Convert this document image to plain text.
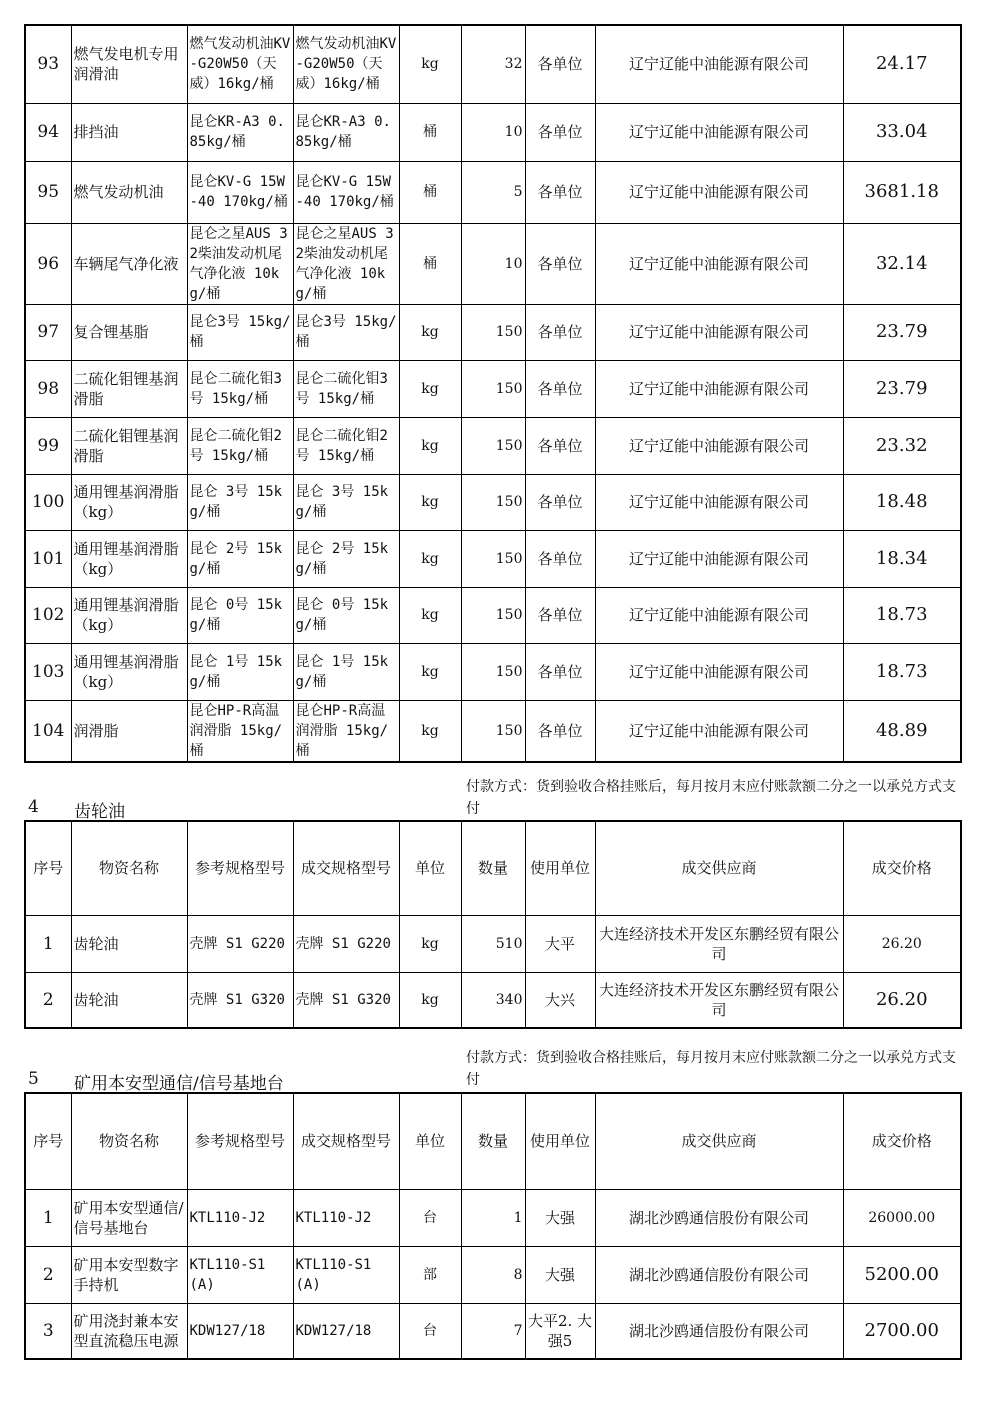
93	燃气发电机专用润滑油	燃气发动机油KV-G20W50（天威）16kg/桶	燃气发动机油KV-G20W50（天威）16kg/桶	kg	32	各单位	辽宁辽能中油能源有限公司	24.17
94	排挡油	昆仑KR-A3 0.85kg/桶	昆仑KR-A3 0.85kg/桶	桶	10	各单位	辽宁辽能中油能源有限公司	33.04
95	燃气发动机油	昆仑KV-G 15W-40 170kg/桶	昆仑KV-G 15W-40 170kg/桶	桶	5	各单位	辽宁辽能中油能源有限公司	3681.18
96	车辆尾气净化液	昆仑之星AUS 32柴油发动机尾气净化液 10kg/桶	昆仑之星AUS 32柴油发动机尾气净化液 10kg/桶	桶	10	各单位	辽宁辽能中油能源有限公司	32.14
97	复合锂基脂	昆仑3号 15kg/桶	昆仑3号 15kg/桶	kg	150	各单位	辽宁辽能中油能源有限公司	23.79
98	二硫化钼锂基润滑脂	昆仑二硫化钼3号 15kg/桶	昆仑二硫化钼3号 15kg/桶	kg	150	各单位	辽宁辽能中油能源有限公司	23.79
99	二硫化钼锂基润滑脂	昆仑二硫化钼2号 15kg/桶	昆仑二硫化钼2号 15kg/桶	kg	150	各单位	辽宁辽能中油能源有限公司	23.32
100	通用锂基润滑脂（kg）	昆仑 3号 15kg/桶	昆仑 3号 15kg/桶	kg	150	各单位	辽宁辽能中油能源有限公司	18.48
101	通用锂基润滑脂（kg）	昆仑 2号 15kg/桶	昆仑 2号 15kg/桶	kg	150	各单位	辽宁辽能中油能源有限公司	18.34
102	通用锂基润滑脂（kg）	昆仑 0号 15kg/桶	昆仑 0号 15kg/桶	kg	150	各单位	辽宁辽能中油能源有限公司	18.73
103	通用锂基润滑脂（kg）	昆仑 1号 15kg/桶	昆仑 1号 15kg/桶	kg	150	各单位	辽宁辽能中油能源有限公司	18.73
104	润滑脂	昆仑HP-R高温润滑脂 15kg/桶	昆仑HP-R高温润滑脂 15kg/桶	kg	150	各单位	辽宁辽能中油能源有限公司	48.89
4 齿轮油
付款方式：货到验收合格挂账后，每月按月末应付账款额二分之一以承兑方式支付
序号	物资名称	参考规格型号	成交规格型号	单位	数量	使用单位	成交供应商	成交价格
1	齿轮油	壳牌 S1 G220	壳牌 S1 G220	kg	510	大平	大连经济技术开发区东鹏经贸有限公司	26.20
2	齿轮油	壳牌 S1 G320	壳牌 S1 G320	kg	340	大兴	大连经济技术开发区东鹏经贸有限公司	26.20
5 矿用本安型通信/信号基地台
付款方式：货到验收合格挂账后，每月按月末应付账款额二分之一以承兑方式支付
序号	物资名称	参考规格型号	成交规格型号	单位	数量	使用单位	成交供应商	成交价格
1	矿用本安型通信/信号基地台	KTL110-J2	KTL110-J2	台	1	大强	湖北沙鸥通信股份有限公司	26000.00
2	矿用本安型数字手持机	KTL110-S1(A)	KTL110-S1(A)	部	8	大强	湖北沙鸥通信股份有限公司	5200.00
3	矿用浇封兼本安型直流稳压电源	KDW127/18	KDW127/18	台	7	大平2. 大强5	湖北沙鸥通信股份有限公司	2700.00
